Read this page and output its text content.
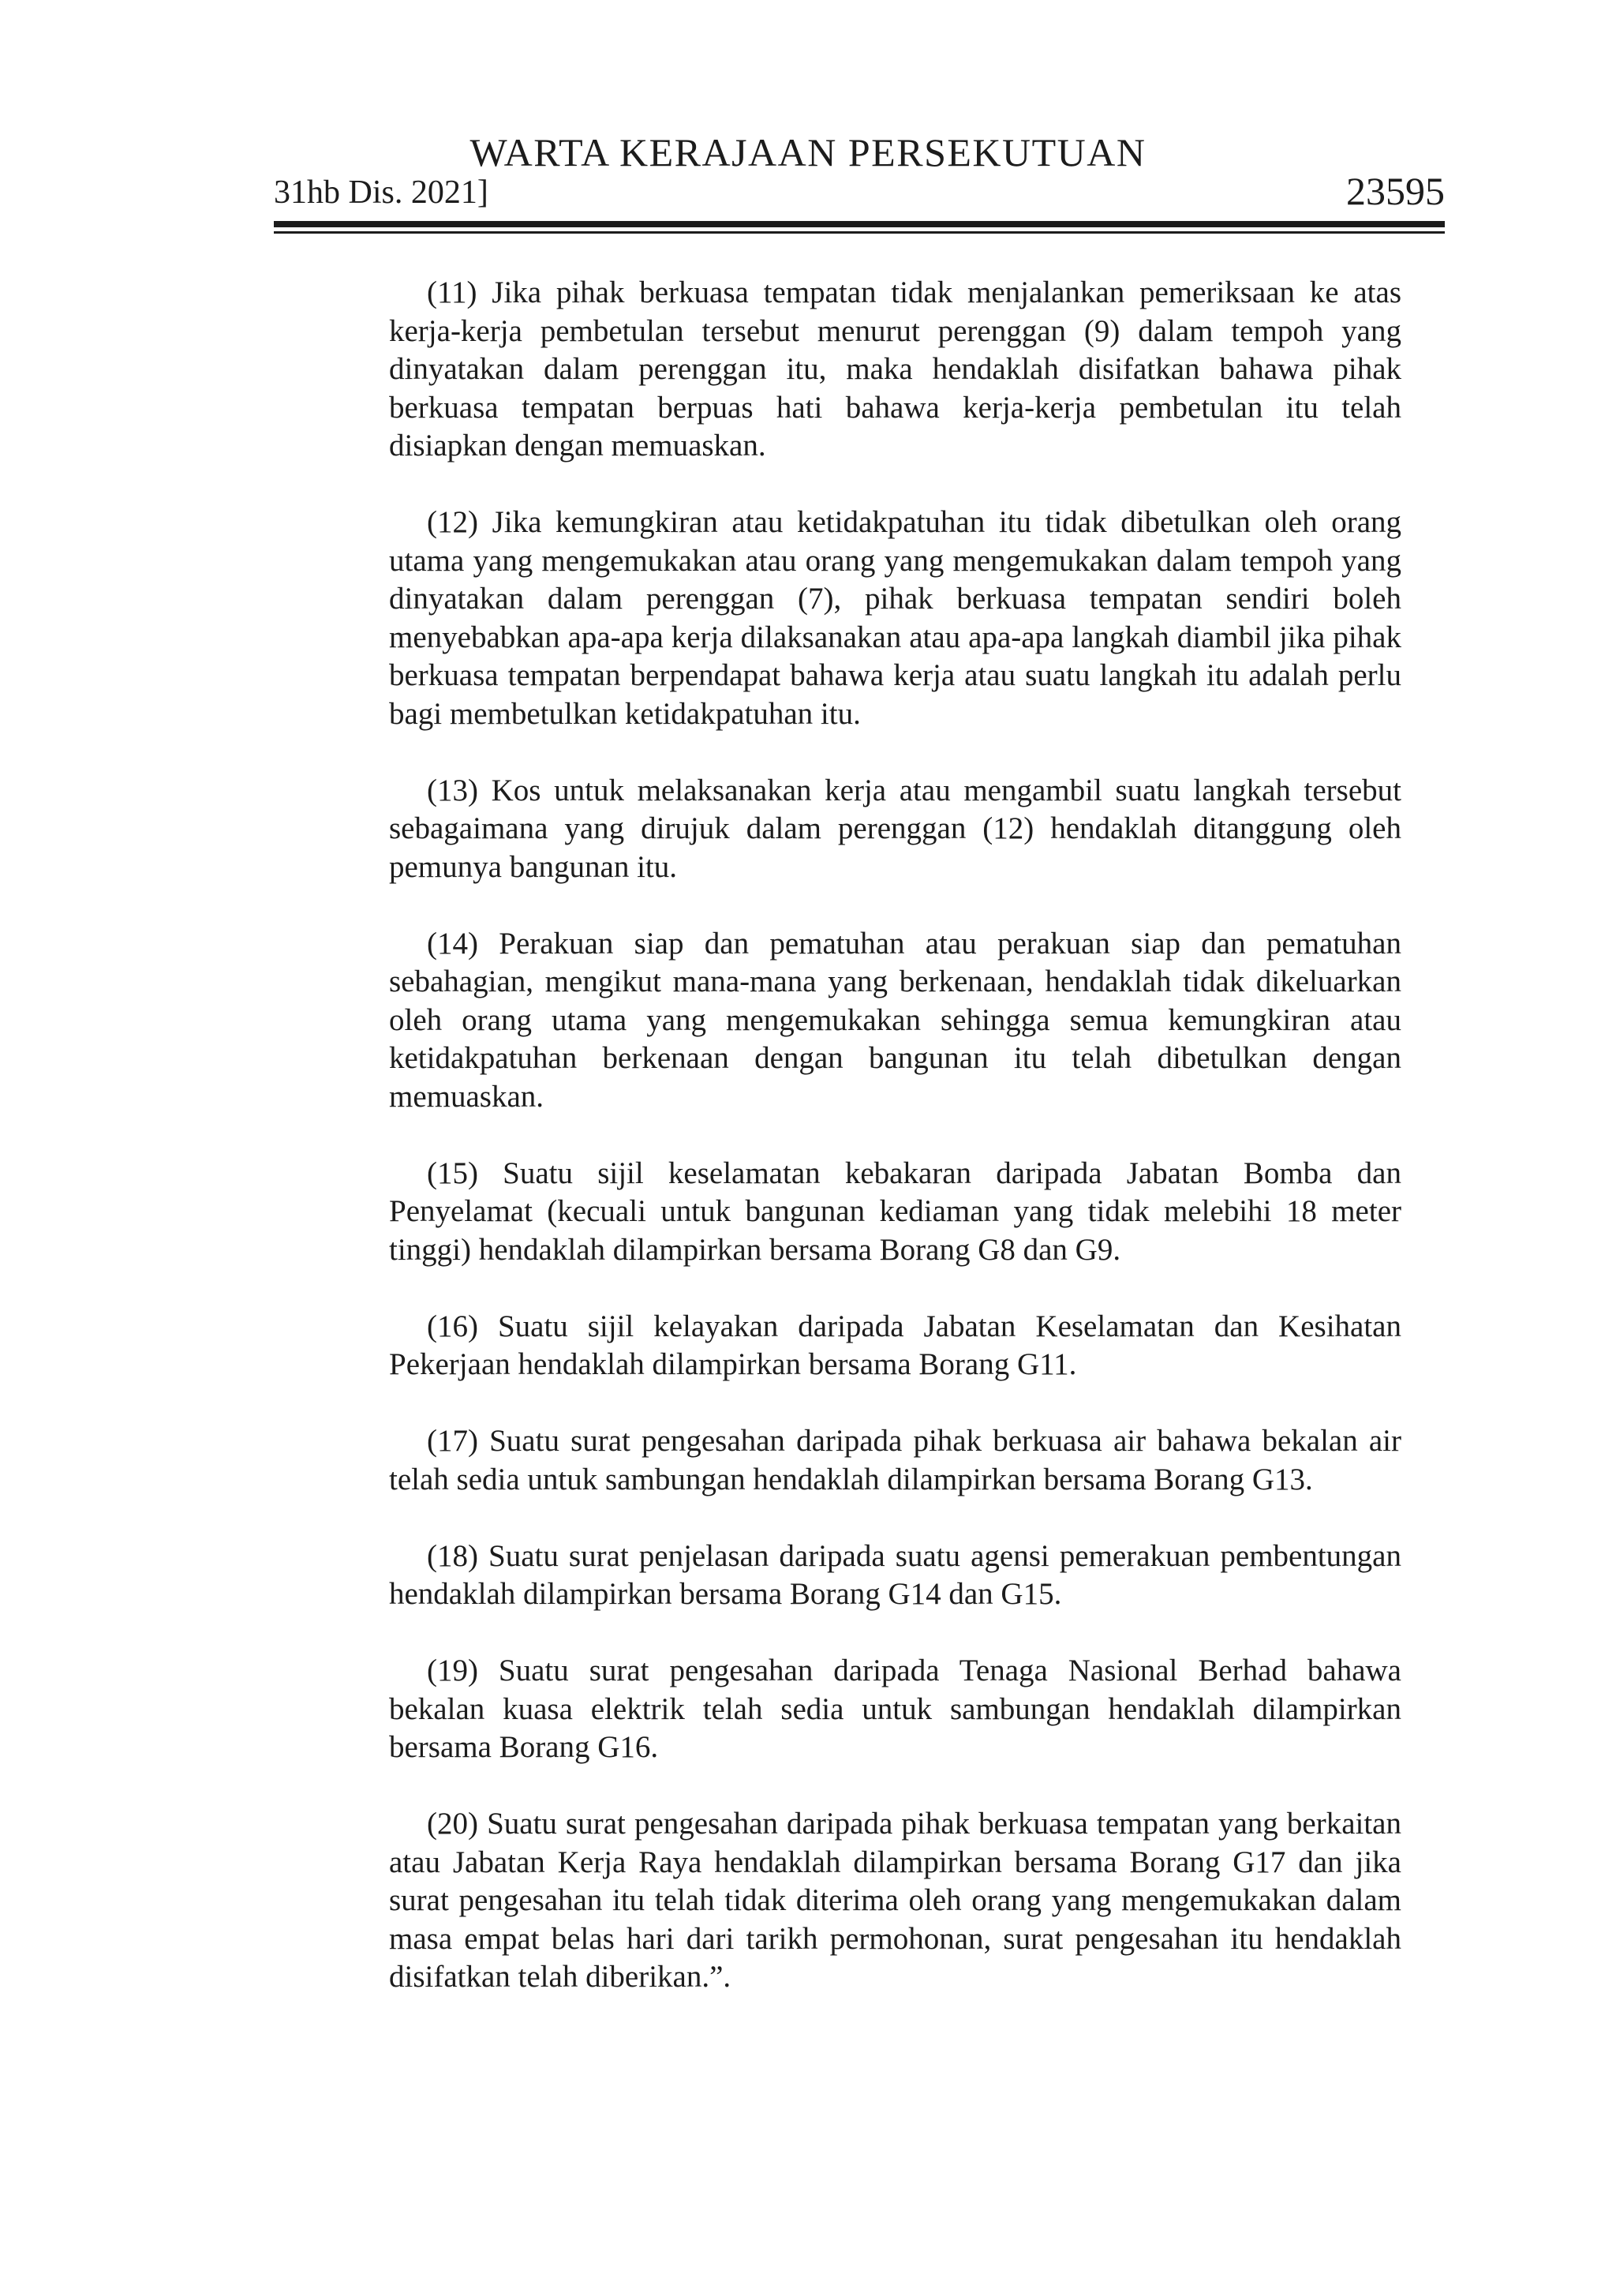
WARTA KERAJAAN PERSEKUTUAN
31hb Dis. 2021]	23595

(11) Jika pihak berkuasa tempatan tidak menjalankan pemeriksaan ke atas kerja-kerja pembetulan tersebut menurut perenggan (9) dalam tempoh yang dinyatakan dalam perenggan itu, maka hendaklah disifatkan bahawa pihak berkuasa tempatan berpuas hati bahawa kerja-kerja pembetulan itu telah disiapkan dengan memuaskan.

(12) Jika kemungkiran atau ketidakpatuhan itu tidak dibetulkan oleh orang utama yang mengemukakan atau orang yang mengemukakan dalam tempoh yang dinyatakan dalam perenggan (7), pihak berkuasa tempatan sendiri boleh menyebabkan apa-apa kerja dilaksanakan atau apa-apa langkah diambil jika pihak berkuasa tempatan berpendapat bahawa kerja atau suatu langkah itu adalah perlu bagi membetulkan ketidakpatuhan itu.

(13) Kos untuk melaksanakan kerja atau mengambil suatu langkah tersebut sebagaimana yang dirujuk dalam perenggan (12) hendaklah ditanggung oleh pemunya bangunan itu.

(14) Perakuan siap dan pematuhan atau perakuan siap dan pematuhan sebahagian, mengikut mana-mana yang berkenaan, hendaklah tidak dikeluarkan oleh orang utama yang mengemukakan sehingga semua kemungkiran atau ketidakpatuhan berkenaan dengan bangunan itu telah dibetulkan dengan memuaskan.

(15) Suatu sijil keselamatan kebakaran daripada Jabatan Bomba dan Penyelamat (kecuali untuk bangunan kediaman yang tidak melebihi 18 meter tinggi) hendaklah dilampirkan bersama Borang G8 dan G9.

(16) Suatu sijil kelayakan daripada Jabatan Keselamatan dan Kesihatan Pekerjaan hendaklah dilampirkan bersama Borang G11.

(17) Suatu surat pengesahan daripada pihak berkuasa air bahawa bekalan air telah sedia untuk sambungan hendaklah dilampirkan bersama Borang G13.

(18) Suatu surat penjelasan daripada suatu agensi pemerakuan pembentungan hendaklah dilampirkan bersama Borang G14 dan G15.

(19) Suatu surat pengesahan daripada Tenaga Nasional Berhad bahawa bekalan kuasa elektrik telah sedia untuk sambungan hendaklah dilampirkan bersama Borang G16.

(20) Suatu surat pengesahan daripada pihak berkuasa tempatan yang berkaitan atau Jabatan Kerja Raya hendaklah dilampirkan bersama Borang G17 dan jika surat pengesahan itu telah tidak diterima oleh orang yang mengemukakan dalam masa empat belas hari dari tarikh permohonan, surat pengesahan itu hendaklah disifatkan telah diberikan.”.
